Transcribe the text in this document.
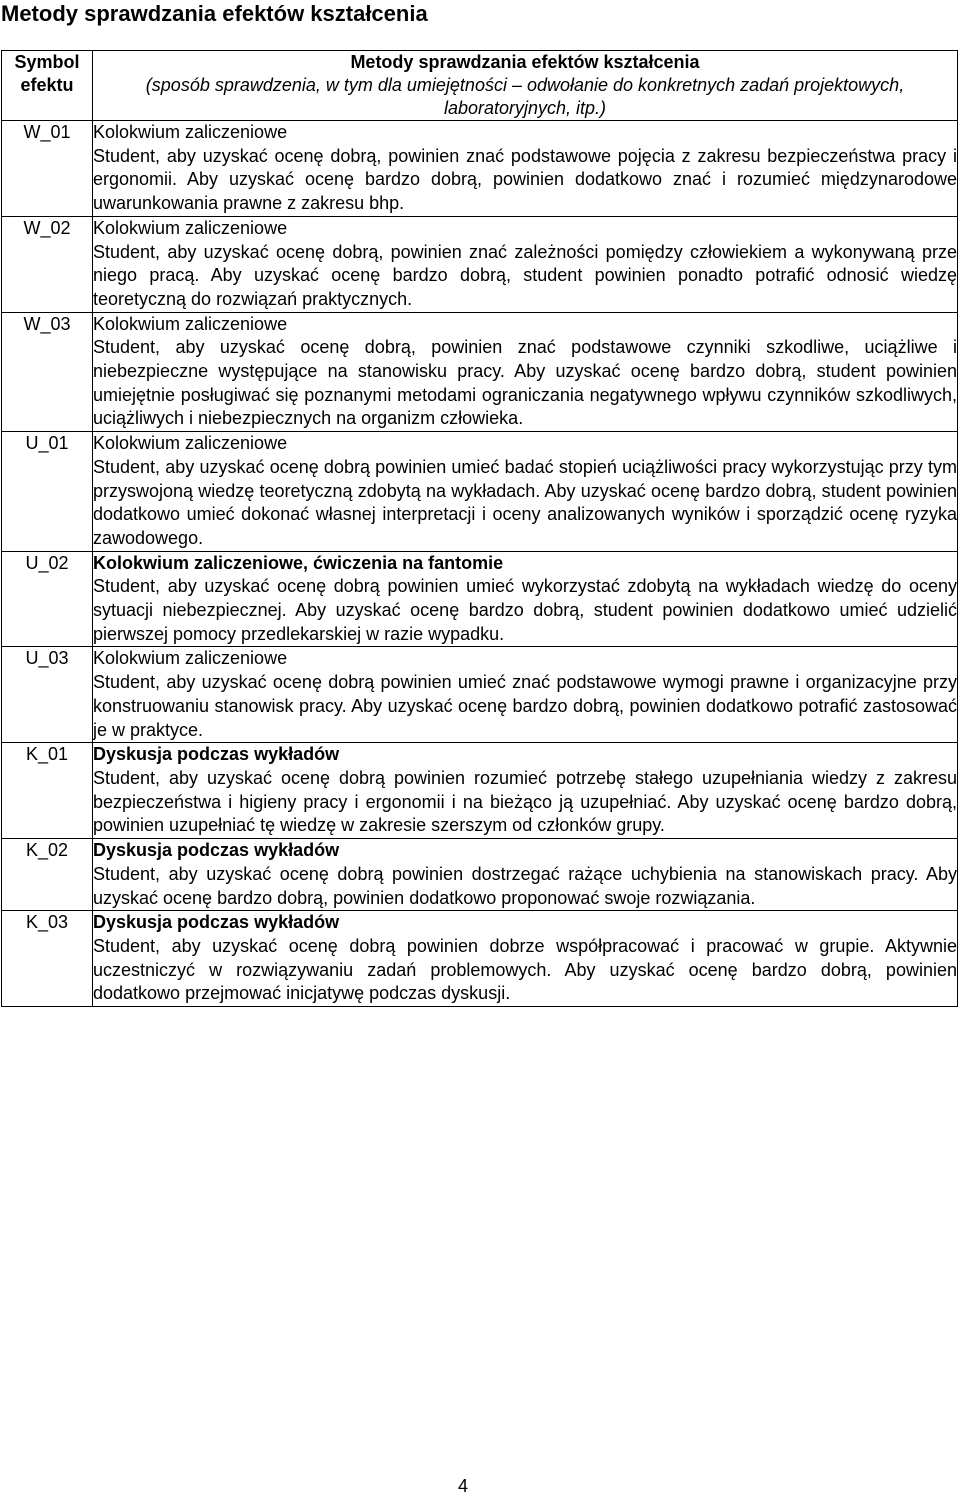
Metody sprawdzania efektów kształcenia
Symbol efektu	Metody sprawdzania efektów kształcenia
(sposób sprawdzenia, w tym dla umiejętności – odwołanie do konkretnych zadań projektowych, laboratoryjnych, itp.)

W_01	Kolokwium zaliczeniowe
Student, aby uzyskać ocenę dobrą, powinien znać podstawowe pojęcia z zakresu bezpieczeństwa pracy i ergonomii. Aby uzyskać ocenę bardzo dobrą, powinien dodatkowo znać i rozumieć międzynarodowe uwarunkowania prawne z zakresu bhp.

W_02	Kolokwium zaliczeniowe
Student, aby uzyskać ocenę dobrą, powinien znać zależności pomiędzy człowiekiem a wykonywaną prze niego pracą. Aby uzyskać ocenę bardzo dobrą, student powinien ponadto potrafić odnosić wiedzę teoretyczną do rozwiązań praktycznych.

W_03	Kolokwium zaliczeniowe
Student, aby uzyskać ocenę dobrą, powinien znać podstawowe czynniki szkodliwe, uciążliwe i niebezpieczne występujące na stanowisku pracy. Aby uzyskać ocenę bardzo dobrą, student powinien umiejętnie posługiwać się poznanymi metodami ograniczania negatywnego wpływu czynników szkodliwych, uciążliwych i niebezpiecznych na organizm człowieka.

U_01	Kolokwium zaliczeniowe
Student, aby uzyskać ocenę dobrą powinien umieć badać stopień uciążliwości pracy wykorzystując przy tym przyswojoną wiedzę teoretyczną zdobytą na wykładach. Aby uzyskać ocenę bardzo dobrą, student powinien dodatkowo umieć dokonać własnej interpretacji i oceny analizowanych wyników i sporządzić ocenę ryzyka zawodowego.

U_02	Kolokwium zaliczeniowe, ćwiczenia na fantomie
Student, aby uzyskać ocenę dobrą powinien umieć wykorzystać zdobytą na wykładach wiedzę do oceny sytuacji niebezpiecznej. Aby uzyskać ocenę bardzo dobrą, student powinien dodatkowo umieć udzielić pierwszej pomocy przedlekarskiej w razie wypadku.

U_03	Kolokwium zaliczeniowe
Student, aby uzyskać ocenę dobrą powinien umieć znać podstawowe wymogi prawne i organizacyjne przy konstruowaniu stanowisk pracy. Aby uzyskać ocenę bardzo dobrą, powinien dodatkowo potrafić zastosować je w praktyce.

K_01	Dyskusja podczas wykładów
Student, aby uzyskać ocenę dobrą powinien rozumieć potrzebę stałego uzupełniania wiedzy z zakresu bezpieczeństwa i higieny pracy i ergonomii i na bieżąco ją uzupełniać. Aby uzyskać ocenę bardzo dobrą, powinien uzupełniać tę wiedzę w zakresie szerszym od członków grupy.

K_02	Dyskusja podczas wykładów
Student, aby uzyskać ocenę dobrą powinien dostrzegać rażące uchybienia na stanowiskach pracy. Aby uzyskać ocenę bardzo dobrą, powinien dodatkowo proponować swoje rozwiązania.

K_03	Dyskusja podczas wykładów
Student, aby uzyskać ocenę dobrą powinien dobrze współpracować i pracować w grupie. Aktywnie uczestniczyć w rozwiązywaniu zadań problemowych. Aby uzyskać ocenę bardzo dobrą, powinien dodatkowo przejmować inicjatywę podczas dyskusji.
4
